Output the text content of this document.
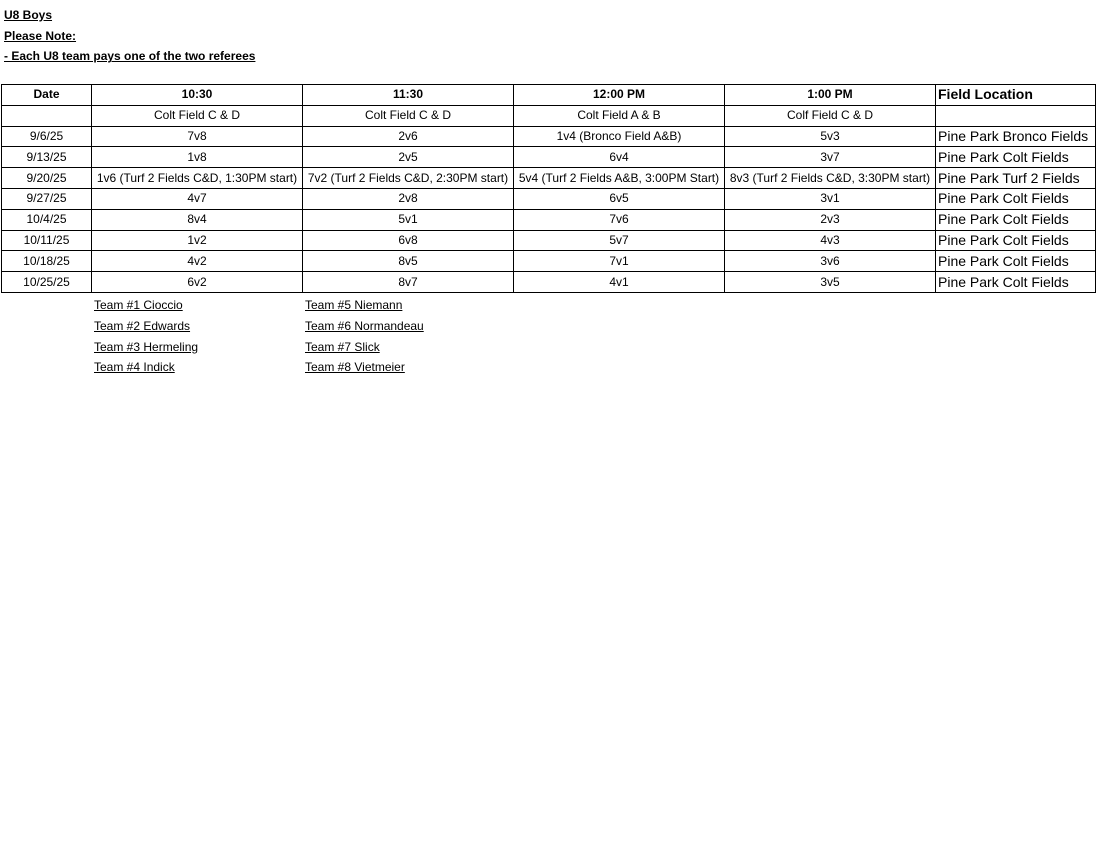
U8 Boys
Please Note:
- Each U8 team pays one of the two referees
Date	10:30	11:30	12:00 PM	1:00 PM	Field Location
	Colt Field C & D	Colt Field C & D	Colt Field A & B	Colf Field C & D	
9/6/25	7v8	2v6	1v4 (Bronco Field A&B)	5v3	Pine Park Bronco Fields
9/13/25	1v8	2v5	6v4	3v7	Pine Park Colt Fields
9/20/25	1v6 (Turf 2 Fields C&D, 1:30PM start)	7v2 (Turf 2 Fields C&D, 2:30PM start)	5v4 (Turf 2 Fields A&B, 3:00PM Start)	8v3 (Turf 2 Fields C&D, 3:30PM start)	Pine Park Turf 2 Fields
9/27/25	4v7	2v8	6v5	3v1	Pine Park Colt Fields
10/4/25	8v4	5v1	7v6	2v3	Pine Park Colt Fields
10/11/25	1v2	6v8	5v7	4v3	Pine Park Colt Fields
10/18/25	4v2	8v5	7v1	3v6	Pine Park Colt Fields
10/25/25	6v2	8v7	4v1	3v5	Pine Park Colt Fields
Team #1 Cioccio
Team #2 Edwards
Team #3 Hermeling
Team #4 Indick
Team #5 Niemann
Team #6 Normandeau
Team #7 Slick
Team #8 Vietmeier
